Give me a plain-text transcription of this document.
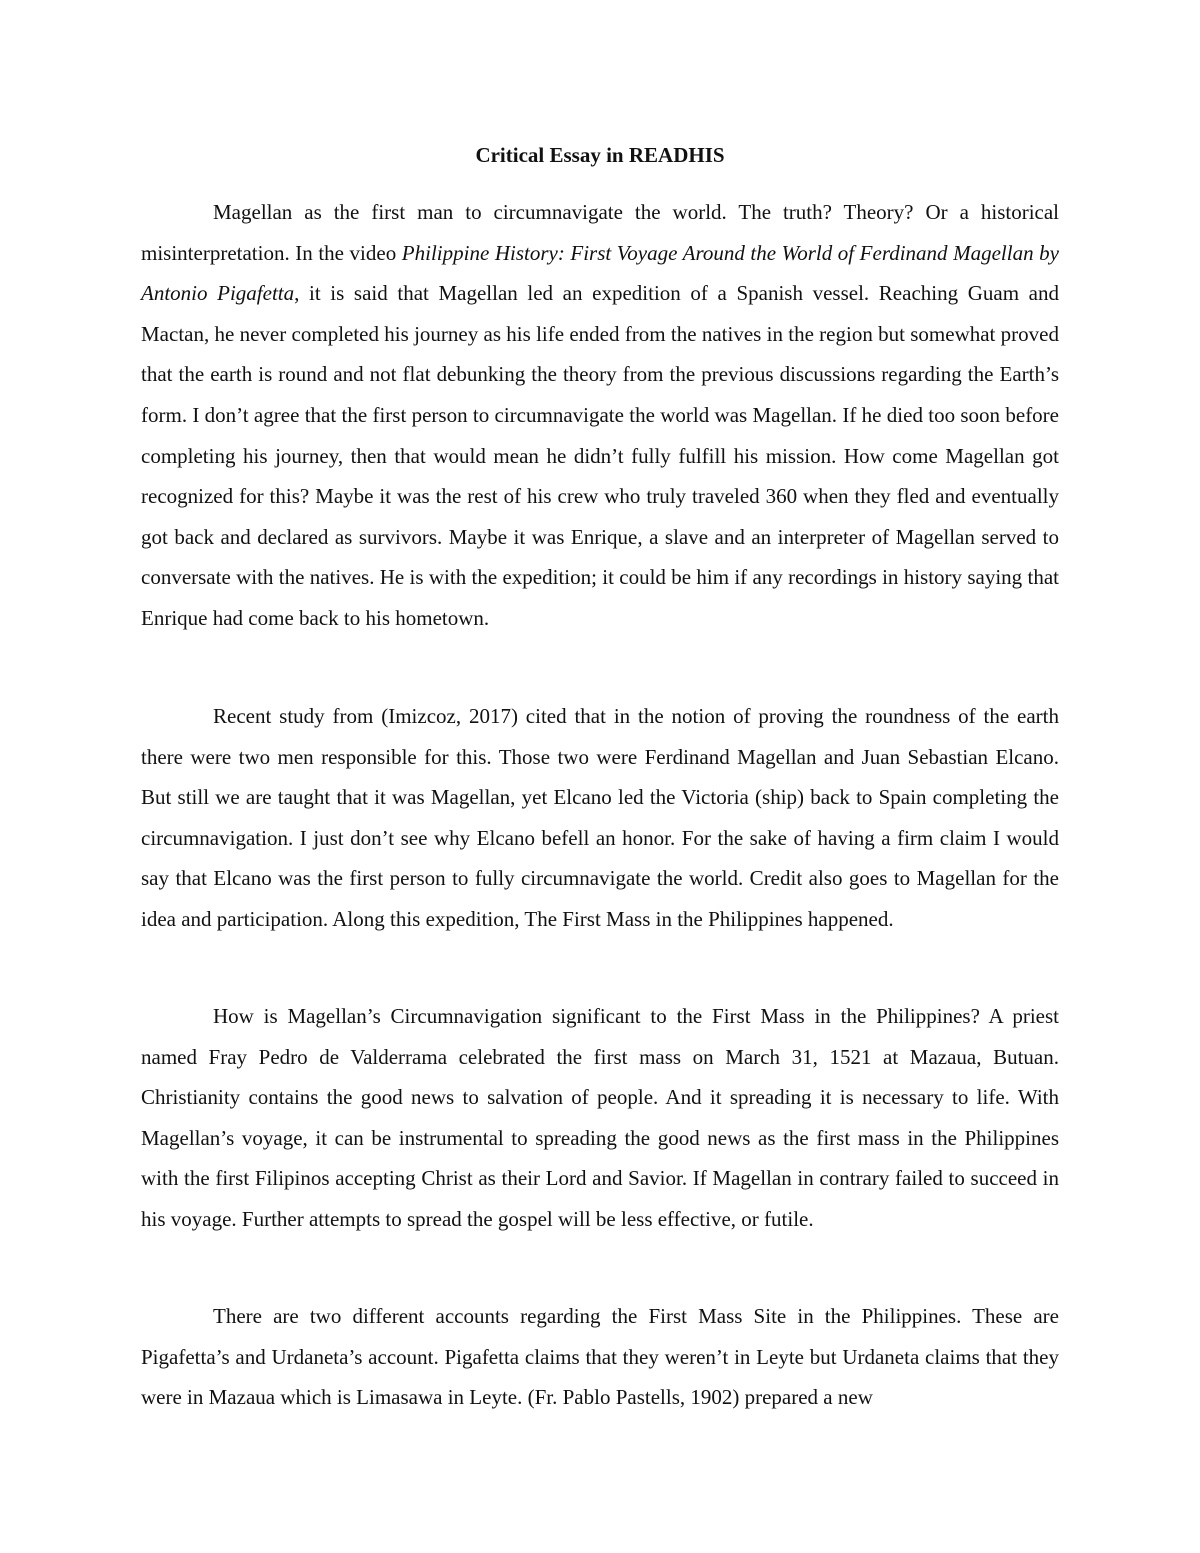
Critical Essay in READHIS

Magellan as the first man to circumnavigate the world. The truth? Theory? Or a historical misinterpretation. In the video Philippine History: First Voyage Around the World of Ferdinand Magellan by Antonio Pigafetta, it is said that Magellan led an expedition of a Spanish vessel. Reaching Guam and Mactan, he never completed his journey as his life ended from the natives in the region but somewhat proved that the earth is round and not flat debunking the theory from the previous discussions regarding the Earth’s form. I don’t agree that the first person to circumnavigate the world was Magellan. If he died too soon before completing his journey, then that would mean he didn’t fully fulfill his mission. How come Magellan got recognized for this? Maybe it was the rest of his crew who truly traveled 360 when they fled and eventually got back and declared as survivors. Maybe it was Enrique, a slave and an interpreter of Magellan served to conversate with the natives. He is with the expedition; it could be him if any recordings in history saying that Enrique had come back to his hometown.

Recent study from (Imizcoz, 2017) cited that in the notion of proving the roundness of the earth there were two men responsible for this. Those two were Ferdinand Magellan and Juan Sebastian Elcano. But still we are taught that it was Magellan, yet Elcano led the Victoria (ship) back to Spain completing the circumnavigation. I just don’t see why Elcano befell an honor. For the sake of having a firm claim I would say that Elcano was the first person to fully circumnavigate the world. Credit also goes to Magellan for the idea and participation. Along this expedition, The First Mass in the Philippines happened.

How is Magellan’s Circumnavigation significant to the First Mass in the Philippines? A priest named Fray Pedro de Valderrama celebrated the first mass on March 31, 1521 at Mazaua, Butuan. Christianity contains the good news to salvation of people. And it spreading it is necessary to life. With Magellan’s voyage, it can be instrumental to spreading the good news as the first mass in the Philippines with the first Filipinos accepting Christ as their Lord and Savior. If Magellan in contrary failed to succeed in his voyage. Further attempts to spread the gospel will be less effective, or futile.

There are two different accounts regarding the First Mass Site in the Philippines. These are Pigafetta’s and Urdaneta’s account. Pigafetta claims that they weren’t in Leyte but Urdaneta claims that they were in Mazaua which is Limasawa in Leyte. (Fr. Pablo Pastells, 1902) prepared a new
